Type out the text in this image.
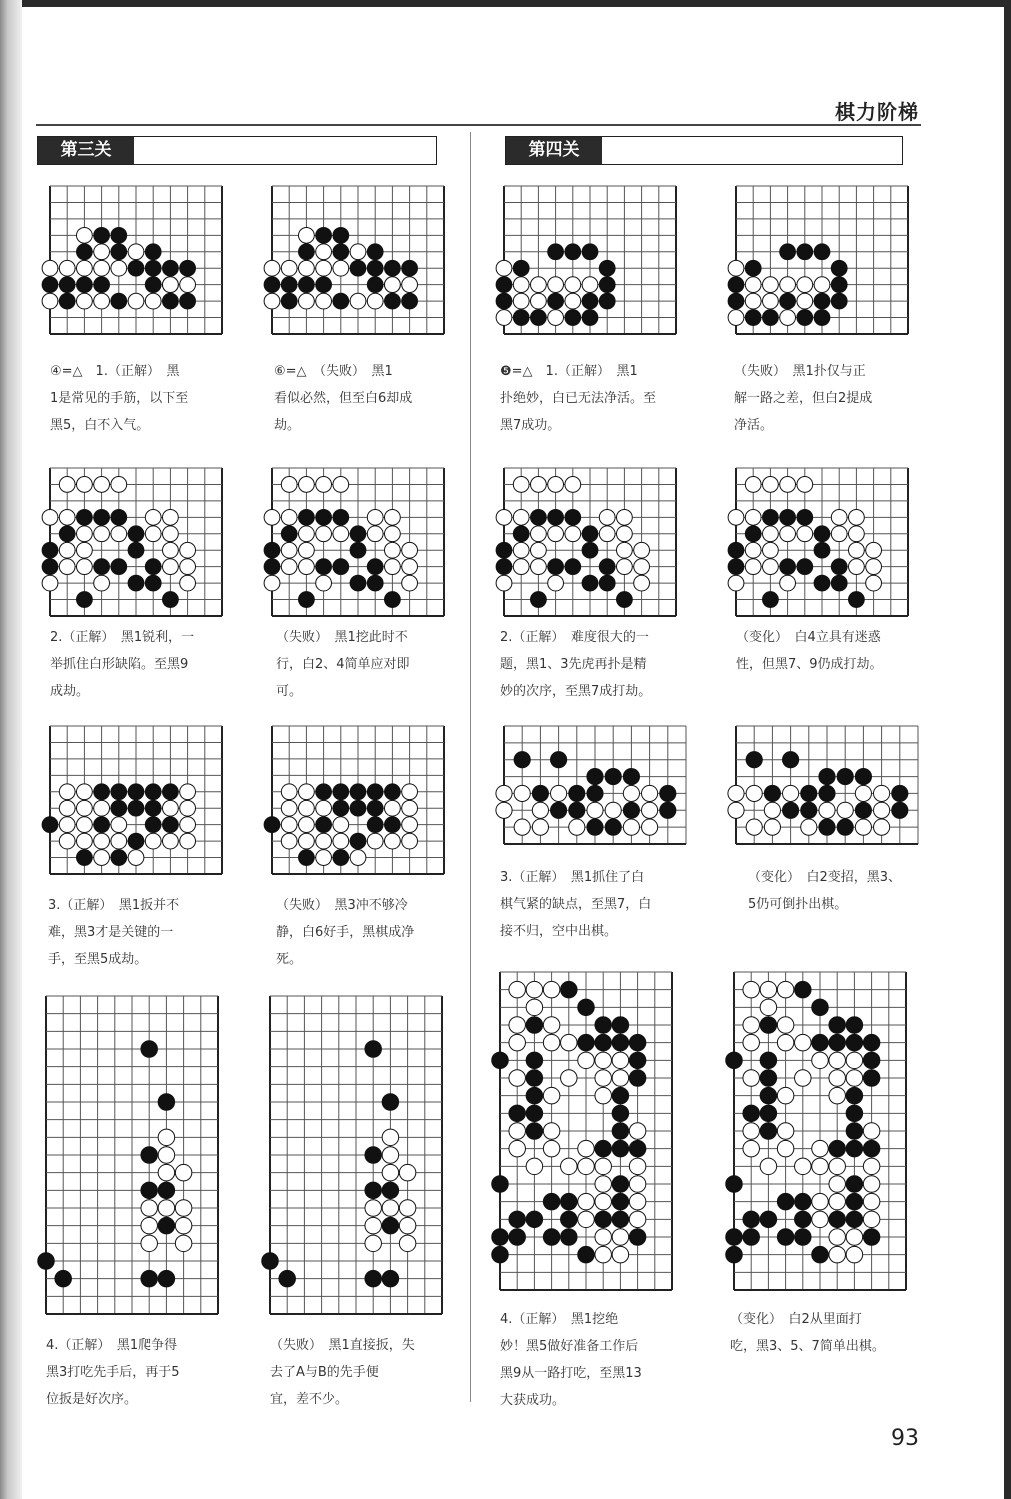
棋力阶梯
第三关	第四关
④=△　1.（正解）　黑
1是常见的手筋，以下至
黑5，白不入气。
⑥=△　（失败）　黑1
看似必然，但至白6却成
劫。
❺=△　1.（正解）　黑1
扑绝妙，白已无法净活。至
黑7成功。
（失败）　黑1扑仅与正
解一路之差，但白2提成
净活。
2.（正解）　黑1锐利，一
举抓住白形缺陷。至黑9
成劫。
（失败）　黑1挖此时不
行，白2、4简单应对即
可。
2.（正解）　难度很大的一
题，黑1、3先虎再扑是精
妙的次序，至黑7成打劫。
（变化）　白4立具有迷惑
性，但黑7、9仍成打劫。
3.（正解）　黑1扳并不
难，黑3才是关键的一
手，至黑5成劫。
（失败）　黑3冲不够冷
静，白6好手，黑棋成净
死。
3.（正解）　黑1抓住了白
棋气紧的缺点，至黑7，白
接不归，空中出棋。
（变化）　白2变招，黑3、
5仍可倒扑出棋。
4.（正解）　黑1爬争得
黑3打吃先手后，再于5
位扳是好次序。
（失败）　黑1直接扳，失
去了A与B的先手便
宜，差不少。
4.（正解）　黑1挖绝
妙！黑5做好准备工作后
黑9从一路打吃，至黑13
大获成功。
（变化）　白2从里面打
吃，黑3、5、7简单出棋。
93
